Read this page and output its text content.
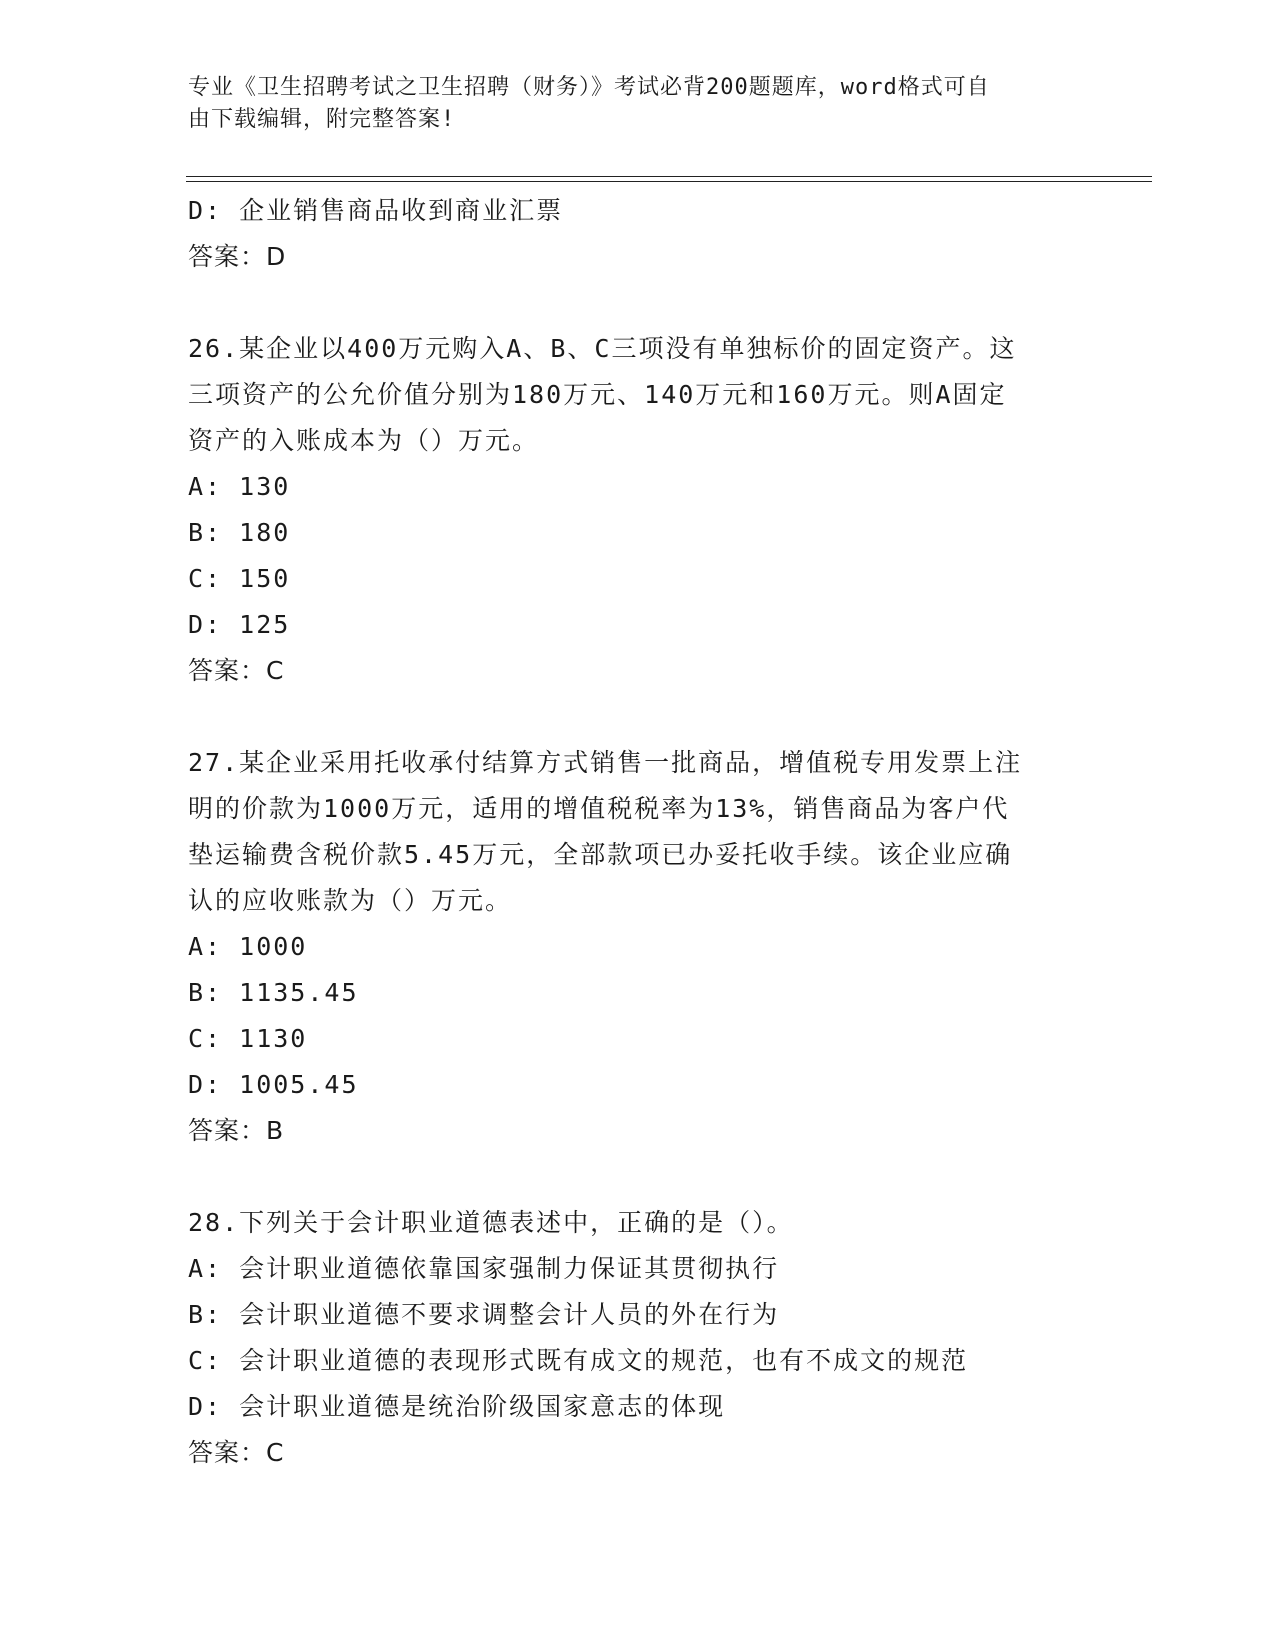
专业《卫生招聘考试之卫生招聘（财务）》考试必背200题题库，word格式可自
由下载编辑，附完整答案!
D: 企业销售商品收到商业汇票
答案：D
26.某企业以400万元购入A、B、C三项没有单独标价的固定资产。这
三项资产的公允价值分别为180万元、140万元和160万元。则A固定
资产的入账成本为（）万元。
A: 130
B: 180
C: 150
D: 125
答案：C
27.某企业采用托收承付结算方式销售一批商品，增值税专用发票上注
明的价款为1000万元，适用的增值税税率为13%，销售商品为客户代
垫运输费含税价款5.45万元，全部款项已办妥托收手续。该企业应确
认的应收账款为（）万元。
A: 1000
B: 1135.45
C: 1130
D: 1005.45
答案：B
28.下列关于会计职业道德表述中，正确的是（）。
A: 会计职业道德依靠国家强制力保证其贯彻执行
B: 会计职业道德不要求调整会计人员的外在行为
C: 会计职业道德的表现形式既有成文的规范，也有不成文的规范
D: 会计职业道德是统治阶级国家意志的体现
答案：C
